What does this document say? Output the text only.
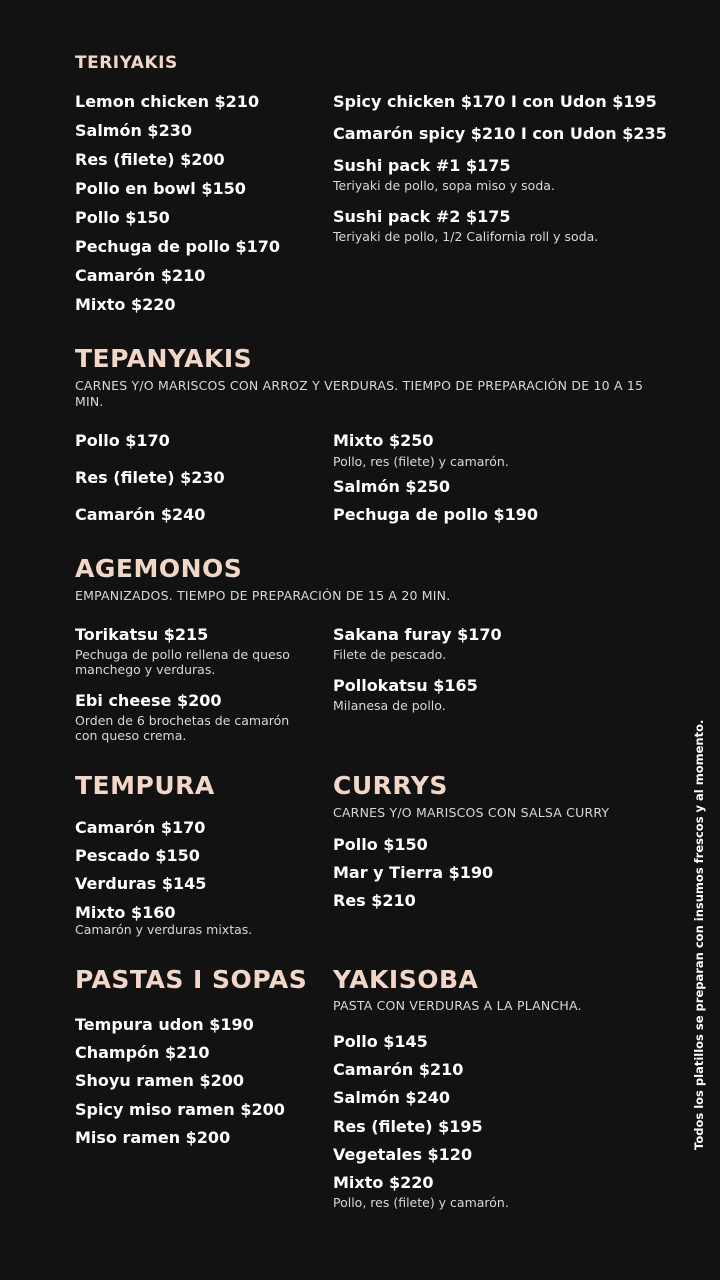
TERIYAKIS
Lemon chicken $210
Salmón $230
Res (filete) $200
Pollo en bowl $150
Pollo $150
Pechuga de pollo $170
Camarón $210
Mixto $220
Spicy chicken $170 I con Udon $195
Camarón spicy $210 I con Udon $235
Sushi pack #1 $175
Teriyaki de pollo, sopa miso y soda.
Sushi pack #2 $175
Teriyaki de pollo, 1/2 California roll y soda.
TEPANYAKIS
CARNES Y/O MARISCOS CON ARROZ Y VERDURAS. TIEMPO DE PREPARACIÓN DE 10 A 15 MIN.
Pollo $170
Res (filete) $230
Camarón $240
Mixto $250
Pollo, res (filete) y camarón.
Salmón $250
Pechuga de pollo $190
AGEMONOS
EMPANIZADOS. TIEMPO DE PREPARACIÓN DE 15 A 20 MIN.
Torikatsu $215
Pechuga de pollo rellena de queso manchego y verduras.
Ebi cheese $200
Orden de 6 brochetas de camarón con queso crema.
Sakana furay $170
Filete de pescado.
Pollokatsu $165
Milanesa de pollo.
TEMPURA
Camarón $170
Pescado $150
Verduras $145
Mixto $160
Camarón y verduras mixtas.
CURRYS
CARNES Y/O MARISCOS CON SALSA CURRY
Pollo $150
Mar y Tierra $190
Res $210
PASTAS I SOPAS
Tempura udon $190
Champón $210
Shoyu ramen $200
Spicy miso ramen $200
Miso ramen $200
YAKISOBA
PASTA CON VERDURAS A LA PLANCHA.
Pollo $145
Camarón $210
Salmón $240
Res (filete) $195
Vegetales $120
Mixto $220
Pollo, res (filete) y camarón.
Todos los platillos se preparan con insumos frescos y al momento.
